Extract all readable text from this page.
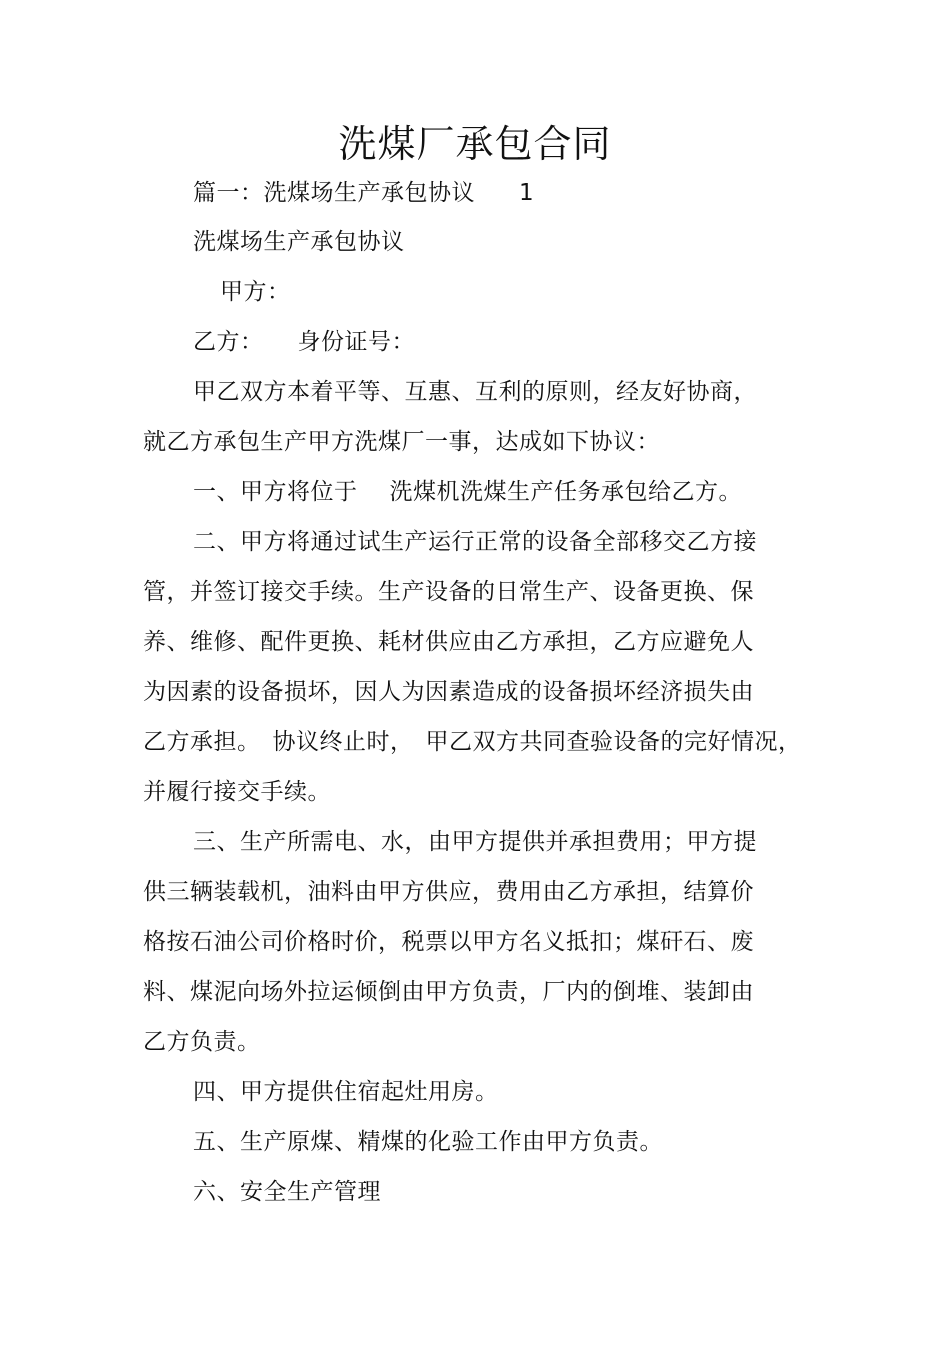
洗煤厂承包合同
篇一：洗煤场生产承包协议 1
洗煤场生产承包协议
甲方：
乙方： 身份证号：
甲乙双方本着平等、互惠、互利的原则，经友好协商，
就乙方承包生产甲方洗煤厂一事，达成如下协议：
一、甲方将位于 洗煤机洗煤生产任务承包给乙方。
二、甲方将通过试生产运行正常的设备全部移交乙方接
管，并签订接交手续。生产设备的日常生产、设备更换、保
养、维修、配件更换、耗材供应由乙方承担，乙方应避免人
为因素的设备损坏，因人为因素造成的设备损坏经济损失由
乙方承担。 协议终止时， 甲乙双方共同查验设备的完好情况，
并履行接交手续。
三、生产所需电、水，由甲方提供并承担费用；甲方提
供三辆装载机，油料由甲方供应，费用由乙方承担，结算价
格按石油公司价格时价，税票以甲方名义抵扣；煤矸石、废
料、煤泥向场外拉运倾倒由甲方负责，厂内的倒堆、装卸由
乙方负责。
四、甲方提供住宿起灶用房。
五、生产原煤、精煤的化验工作由甲方负责。
六、安全生产管理
